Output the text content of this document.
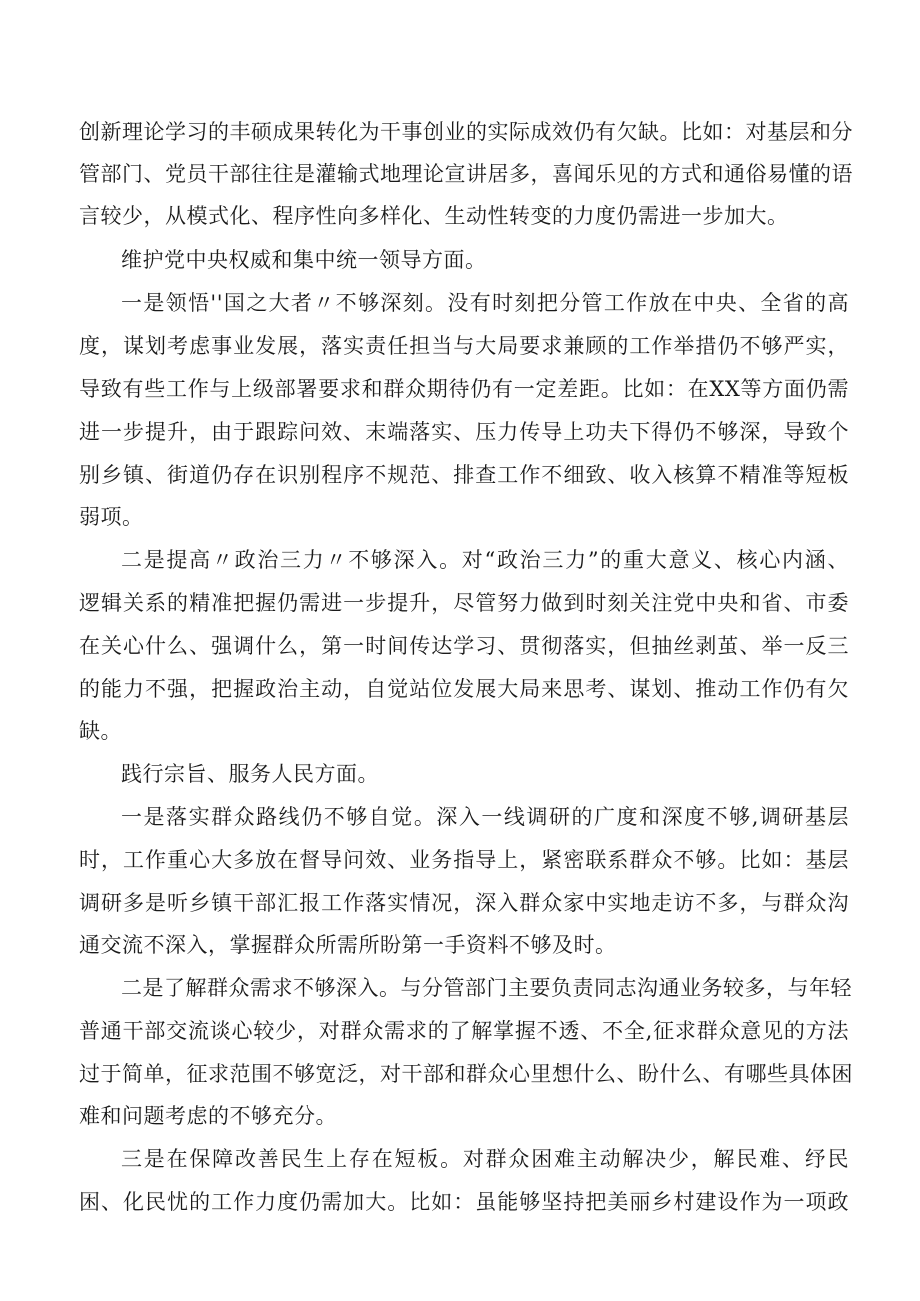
创新理论学习的丰硕成果转化为干事创业的实际成效仍有欠缺。比如：对基层和分
管部门、党员干部往往是灌输式地理论宣讲居多，喜闻乐见的方式和通俗易懂的语
言较少，从模式化、程序性向多样化、生动性转变的力度仍需进一步加大。
维护党中央权威和集中统一领导方面。
一是领悟''国之大者〃不够深刻。没有时刻把分管工作放在中央、全省的高
度，谋划考虑事业发展，落实责任担当与大局要求兼顾的工作举措仍不够严实，
导致有些工作与上级部署要求和群众期待仍有一定差距。比如：在XX等方面仍需
进一步提升，由于跟踪问效、末端落实、压力传导上功夫下得仍不够深，导致个
别乡镇、街道仍存在识别程序不规范、排查工作不细致、收入核算不精准等短板
弱项。
二是提高〃政治三力〃不够深入。对“政治三力”的重大意义、核心内涵、
逻辑关系的精准把握仍需进一步提升，尽管努力做到时刻关注党中央和省、市委
在关心什么、强调什么，第一时间传达学习、贯彻落实，但抽丝剥茧、举一反三
的能力不强，把握政治主动，自觉站位发展大局来思考、谋划、推动工作仍有欠
缺。
践行宗旨、服务人民方面。
一是落实群众路线仍不够自觉。深入一线调研的广度和深度不够,调研基层
时，工作重心大多放在督导问效、业务指导上，紧密联系群众不够。比如：基层
调研多是听乡镇干部汇报工作落实情况，深入群众家中实地走访不多，与群众沟
通交流不深入，掌握群众所需所盼第一手资料不够及时。
二是了解群众需求不够深入。与分管部门主要负责同志沟通业务较多，与年轻
普通干部交流谈心较少，对群众需求的了解掌握不透、不全,征求群众意见的方法
过于简单，征求范围不够宽泛，对干部和群众心里想什么、盼什么、有哪些具体困
难和问题考虑的不够充分。
三是在保障改善民生上存在短板。对群众困难主动解决少，解民难、纾民
困、化民忧的工作力度仍需加大。比如：虽能够坚持把美丽乡村建设作为一项政
